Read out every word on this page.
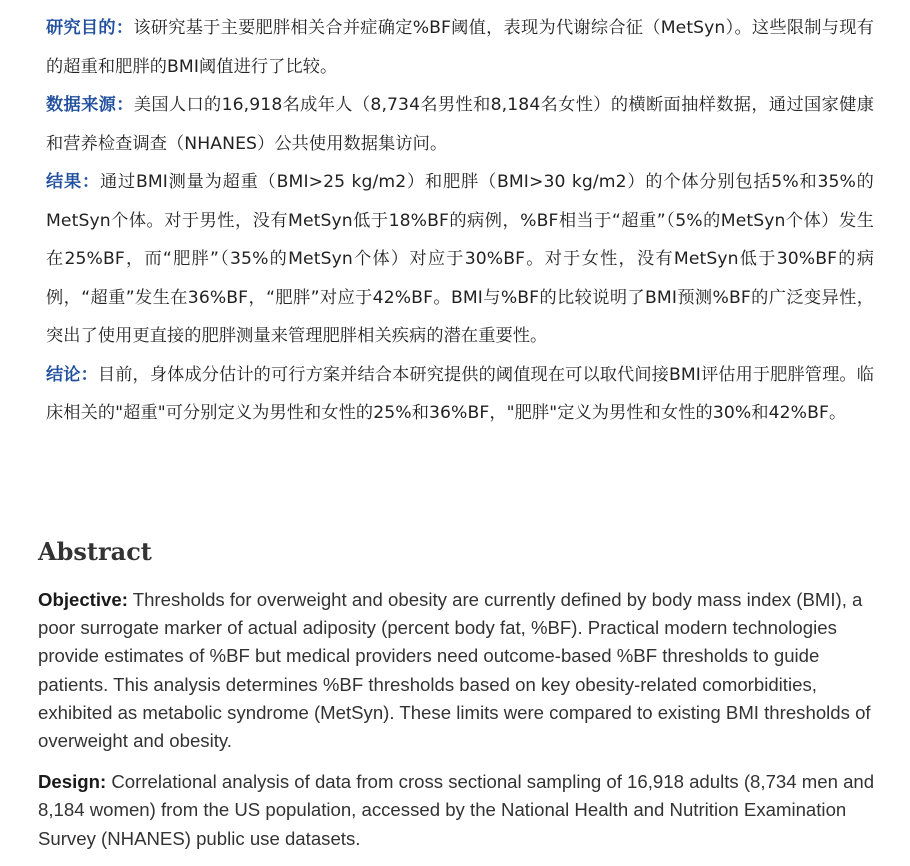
研究目的：该研究基于主要肥胖相关合并症确定%BF阈值，表现为代谢综合征（MetSyn）。这些限制与现有的超重和肥胖的BMI阈值进行了比较。

数据来源：美国人口的16,918名成年人（8,734名男性和8,184名女性）的横断面抽样数据，通过国家健康和营养检查调查（NHANES）公共使用数据集访问。

结果：通过BMI测量为超重（BMI>25 kg/m2）和肥胖（BMI>30 kg/m2）的个体分别包括5%和35%的MetSyn个体。对于男性，没有MetSyn低于18%BF的病例，%BF相当于“超重”（5%的MetSyn个体）发生在25%BF，而“肥胖”（35%的MetSyn个体）对应于30%BF。对于女性，没有MetSyn低于30%BF的病例，“超重”发生在36%BF，“肥胖”对应于42%BF。BMI与%BF的比较说明了BMI预测%BF的广泛变异性，突出了使用更直接的肥胖测量来管理肥胖相关疾病的潜在重要性。

结论：目前，身体成分估计的可行方案并结合本研究提供的阈值现在可以取代间接BMI评估用于肥胖管理。临床相关的"超重"可分别定义为男性和女性的25%和36%BF，"肥胖"定义为男性和女性的30%和42%BF。

Abstract

Objective: Thresholds for overweight and obesity are currently defined by body mass index (BMI), a poor surrogate marker of actual adiposity (percent body fat, %BF). Practical modern technologies provide estimates of %BF but medical providers need outcome-based %BF thresholds to guide patients. This analysis determines %BF thresholds based on key obesity-related comorbidities, exhibited as metabolic syndrome (MetSyn). These limits were compared to existing BMI thresholds of overweight and obesity.

Design: Correlational analysis of data from cross sectional sampling of 16,918 adults (8,734 men and 8,184 women) from the US population, accessed by the National Health and Nutrition Examination Survey (NHANES) public use datasets.
